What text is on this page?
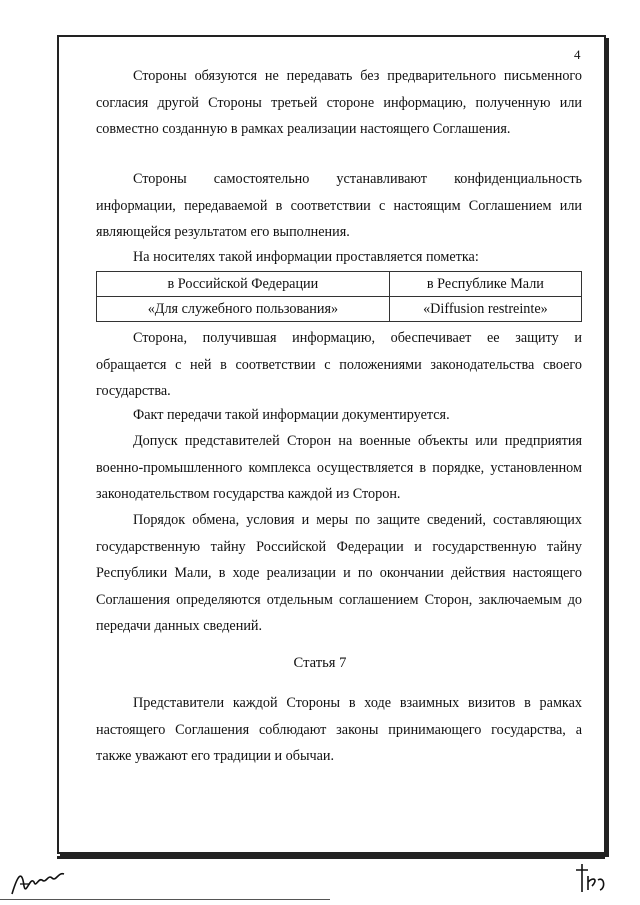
4

Стороны обязуются не передавать без предварительного письменного согласия другой Стороны третьей стороне информацию, полученную или совместно созданную в рамках реализации настоящего Соглашения.

Стороны самостоятельно устанавливают конфиденциальность информации, передаваемой в соответствии с настоящим Соглашением или являющейся результатом его выполнения.

На носителях такой информации проставляется пометка:

в Российской Федерации	в Республике Мали
«Для служебного пользования»	«Diffusion restreinte»

Сторона, получившая информацию, обеспечивает ее защиту и обращается с ней в соответствии с положениями законодательства своего государства.

Факт передачи такой информации документируется.

Допуск представителей Сторон на военные объекты или предприятия военно-промышленного комплекса осуществляется в порядке, установленном законодательством государства каждой из Сторон.

Порядок обмена, условия и меры по защите сведений, составляющих государственную тайну Российской Федерации и государственную тайну Республики Мали, в ходе реализации и по окончании действия настоящего Соглашения определяются отдельным соглашением Сторон, заключаемым до передачи данных сведений.

Статья 7

Представители каждой Стороны в ходе взаимных визитов в рамках настоящего Соглашения соблюдают законы принимающего государства, а также уважают его традиции и обычаи.
